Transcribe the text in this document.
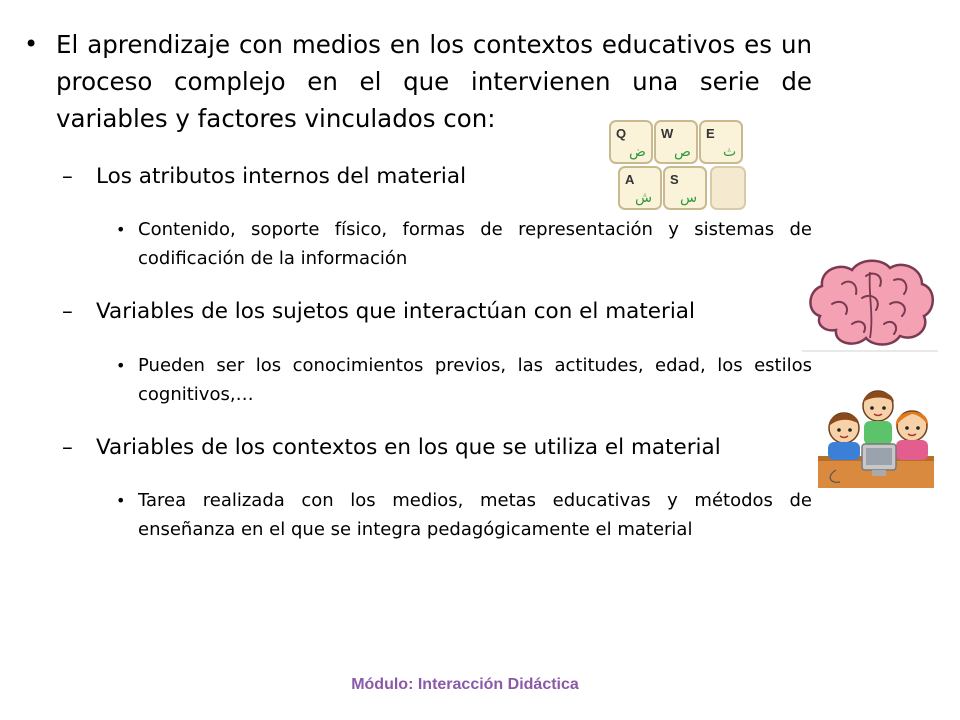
• El aprendizaje con medios en los contextos educativos es un proceso complejo en el que intervienen una serie de variables y factores vinculados con:

– Los atributos internos del material

• Contenido, soporte físico, formas de representación y sistemas de codificación de la información

– Variables de los sujetos que interactúan con el material

• Pueden ser los conocimientos previos, las actitudes, edad, los estilos cognitivos,…

– Variables de los contextos en los que se utiliza el material

• Tarea realizada con los medios, metas educativas y métodos de enseñanza en el que se integra pedagógicamente el material

Q
ض
W
ص
E
ث
A
ش
S
س
Módulo: Interacción Didáctica
